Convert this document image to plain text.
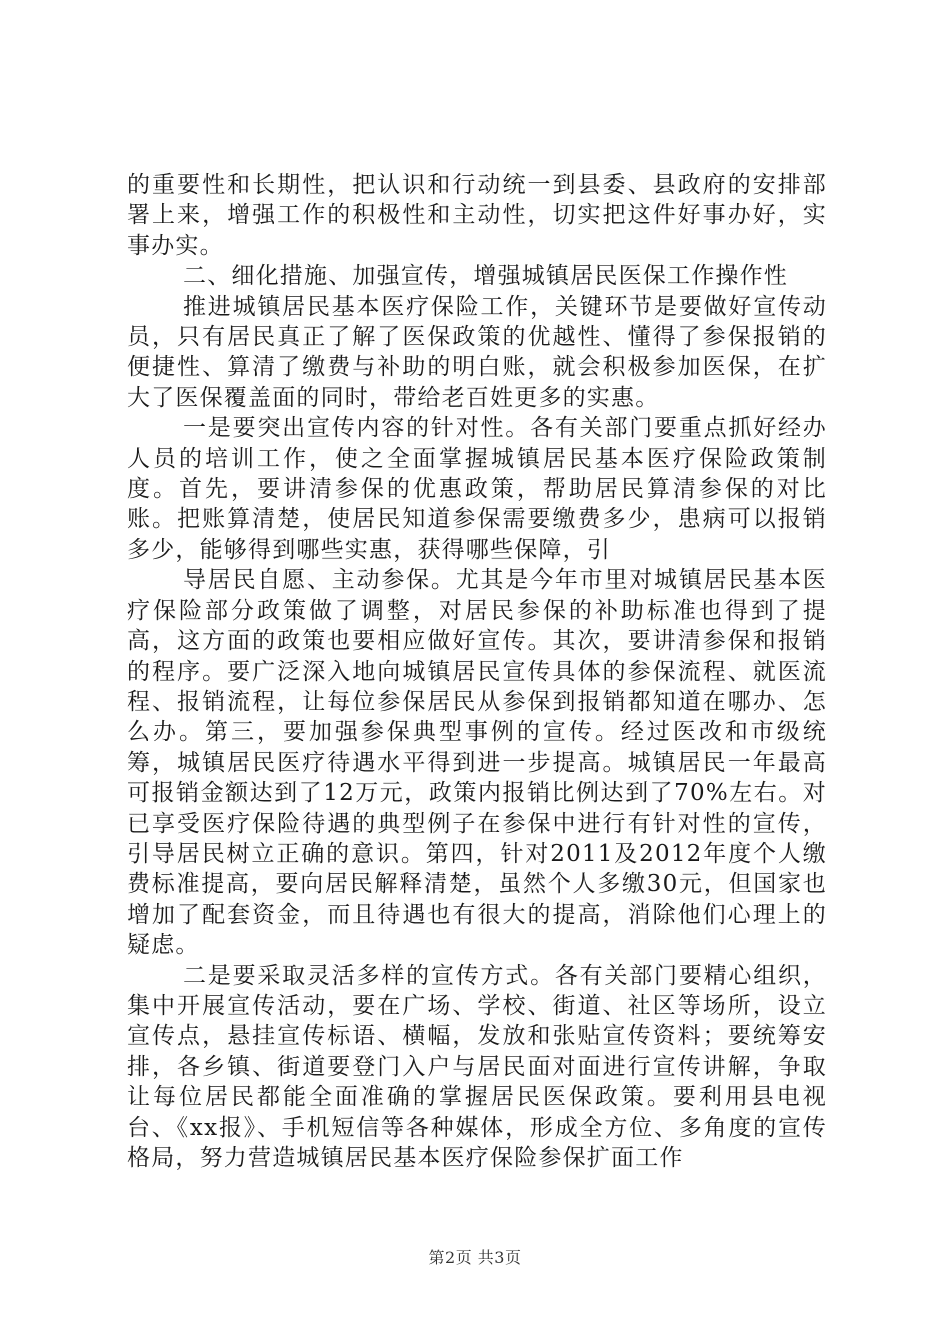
的重要性和长期性，把认识和行动统一到县委、县政府的安排部署上来，增强工作的积极性和主动性，切实把这件好事办好，实事办实。

二、细化措施、加强宣传，增强城镇居民医保工作操作性

推进城镇居民基本医疗保险工作，关键环节是要做好宣传动员，只有居民真正了解了医保政策的优越性、懂得了参保报销的便捷性、算清了缴费与补助的明白账，就会积极参加医保，在扩大了医保覆盖面的同时，带给老百姓更多的实惠。

一是要突出宣传内容的针对性。各有关部门要重点抓好经办人员的培训工作，使之全面掌握城镇居民基本医疗保险政策制度。首先，要讲清参保的优惠政策，帮助居民算清参保的对比账。把账算清楚，使居民知道参保需要缴费多少，患病可以报销多少，能够得到哪些实惠，获得哪些保障，引

导居民自愿、主动参保。尤其是今年市里对城镇居民基本医疗保险部分政策做了调整，对居民参保的补助标准也得到了提高，这方面的政策也要相应做好宣传。其次，要讲清参保和报销的程序。要广泛深入地向城镇居民宣传具体的参保流程、就医流程、报销流程，让每位参保居民从参保到报销都知道在哪办、怎么办。第三，要加强参保典型事例的宣传。经过医改和市级统筹，城镇居民医疗待遇水平得到进一步提高。城镇居民一年最高可报销金额达到了12万元，政策内报销比例达到了70%左右。对已享受医疗保险待遇的典型例子在参保中进行有针对性的宣传，引导居民树立正确的意识。第四，针对2011及2012年度个人缴费标准提高，要向居民解释清楚，虽然个人多缴30元，但国家也增加了配套资金，而且待遇也有很大的提高，消除他们心理上的疑虑。

二是要采取灵活多样的宣传方式。各有关部门要精心组织，集中开展宣传活动，要在广场、学校、街道、社区等场所，设立宣传点，悬挂宣传标语、横幅，发放和张贴宣传资料；要统筹安排，各乡镇、街道要登门入户与居民面对面进行宣传讲解，争取让每位居民都能全面准确的掌握居民医保政策。要利用县电视台、《xx报》、手机短信等各种媒体，形成全方位、多角度的宣传格局，努力营造城镇居民基本医疗保险参保扩面工作

第2页 共3页
